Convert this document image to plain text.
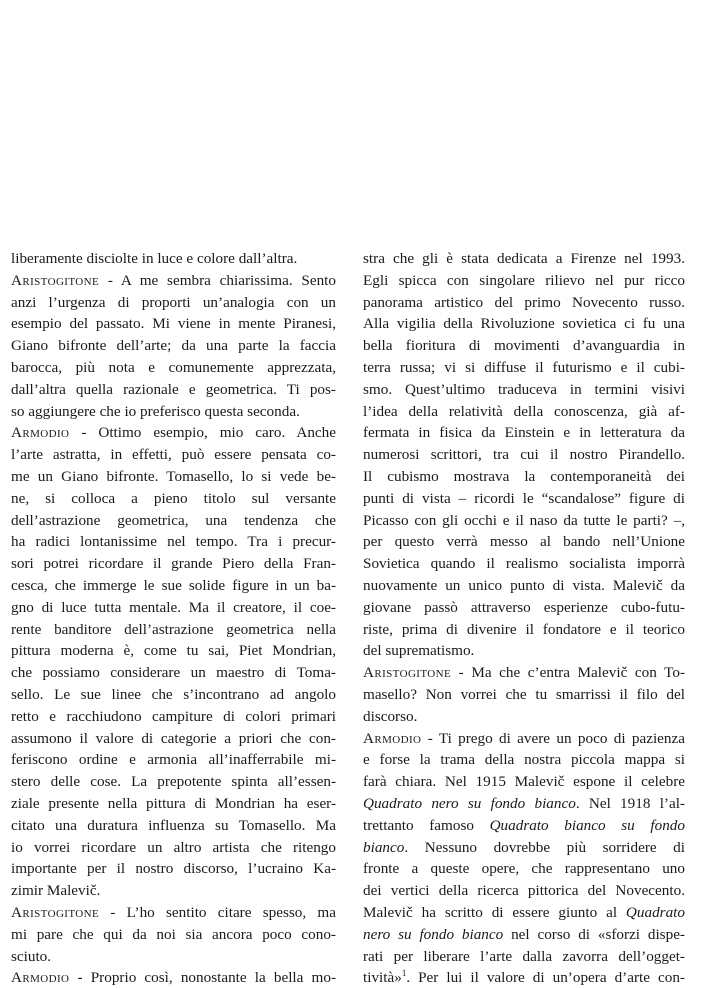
liberamente disciolte in luce e colore dall’altra.
Aristogitone - A me sembra chiarissima. Sento
anzi l’urgenza di proporti un’analogia con un
esempio del passato. Mi viene in mente Piranesi,
Giano bifronte dell’arte; da una parte la faccia
barocca, più nota e comunemente apprezzata,
dall’altra quella razionale e geometrica. Ti pos-
so aggiungere che io preferisco questa seconda.
Armodio - Ottimo esempio, mio caro. Anche
l’arte astratta, in effetti, può essere pensata co-
me un Giano bifronte. Tomasello, lo si vede be-
ne, si colloca a pieno titolo sul versante
dell’astrazione geometrica, una tendenza che
ha radici lontanissime nel tempo. Tra i precur-
sori potrei ricordare il grande Piero della Fran-
cesca, che immerge le sue solide figure in un ba-
gno di luce tutta mentale. Ma il creatore, il coe-
rente banditore dell’astrazione geometrica nella
pittura moderna è, come tu sai, Piet Mondrian,
che possiamo considerare un maestro di Toma-
sello. Le sue linee che s’incontrano ad angolo
retto e racchiudono campiture di colori primari
assumono il valore di categorie a priori che con-
feriscono ordine e armonia all’inafferrabile mi-
stero delle cose. La prepotente spinta all’essen-
ziale presente nella pittura di Mondrian ha eser-
citato una duratura influenza su Tomasello. Ma
io vorrei ricordare un altro artista che ritengo
importante per il nostro discorso, l’ucraino Ka-
zimir Malevič.
Aristogitone - L’ho sentito citare spesso, ma
mi pare che qui da noi sia ancora poco cono-
sciuto.
Armodio - Proprio così, nonostante la bella mo-
stra che gli è stata dedicata a Firenze nel 1993.
Egli spicca con singolare rilievo nel pur ricco
panorama artistico del primo Novecento russo.
Alla vigilia della Rivoluzione sovietica ci fu una
bella fioritura di movimenti d’avanguardia in
terra russa; vi si diffuse il futurismo e il cubi-
smo. Quest’ultimo traduceva in termini visivi
l’idea della relatività della conoscenza, già af-
fermata in fisica da Einstein e in letteratura da
numerosi scrittori, tra cui il nostro Pirandello.
Il cubismo mostrava la contemporaneità dei
punti di vista – ricordi le “scandalose” figure di
Picasso con gli occhi e il naso da tutte le parti? –,
per questo verrà messo al bando nell’Unione
Sovietica quando il realismo socialista imporrà
nuovamente un unico punto di vista. Malevič da
giovane passò attraverso esperienze cubo-futu-
riste, prima di divenire il fondatore e il teorico
del suprematismo.
Aristogitone - Ma che c’entra Malevič con To-
masello? Non vorrei che tu smarrissi il filo del
discorso.
Armodio - Ti prego di avere un poco di pazienza
e forse la trama della nostra piccola mappa si
farà chiara. Nel 1915 Malevič espone il celebre
Quadrato nero su fondo bianco. Nel 1918 l’al-
trettanto famoso Quadrato bianco su fondo
bianco. Nessuno dovrebbe più sorridere di
fronte a queste opere, che rappresentano uno
dei vertici della ricerca pittorica del Novecento.
Malevič ha scritto di essere giunto al Quadrato
nero su fondo bianco nel corso di «sforzi dispe-
rati per liberare l’arte dalla zavorra dell’ogget-
tività»$^1$. Per lui il valore di un’opera d’arte con-
